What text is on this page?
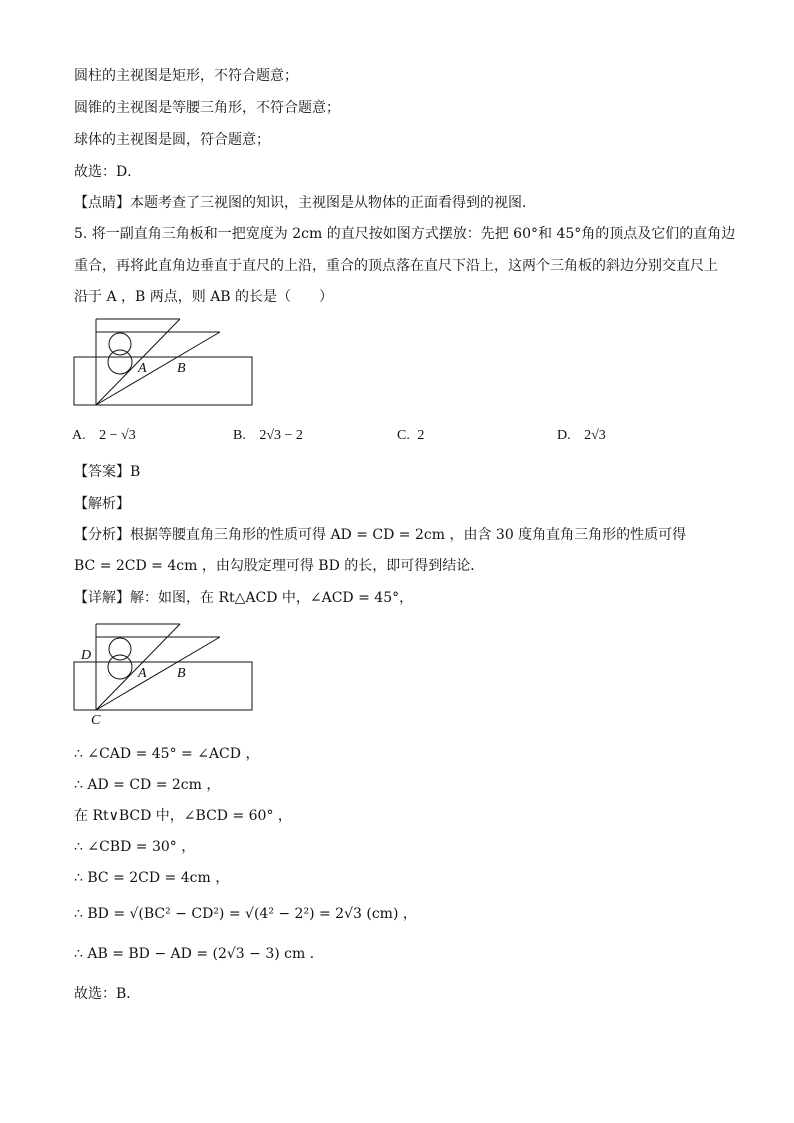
圆柱的主视图是矩形，不符合题意；
圆锥的主视图是等腰三角形，不符合题意；
球体的主视图是圆，符合题意；
故选：D．
【点睛】本题考查了三视图的知识，主视图是从物体的正面看得到的视图．
5. 将一副直角三角板和一把宽度为 2cm 的直尺按如图方式摆放：先把 60°和 45°角的顶点及它们的直角边
重合，再将此直角边垂直于直尺的上沿，重合的顶点落在直尺下沿上，这两个三角板的斜边分别交直尺上
沿于 A ，B 两点，则 AB 的长是（　　）
A B
A. 2 − √3	B. 2√3 − 2	C. 2	D. 2√3
【答案】B
【解析】
【分析】根据等腰直角三角形的性质可得 AD = CD = 2cm ，由含 30 度角直角三角形的性质可得
BC = 2CD = 4cm ，由勾股定理可得 BD 的长，即可得到结论．
【详解】解：如图，在 Rt△ACD 中，∠ACD = 45°，
D
A B
C
∴ ∠CAD = 45° = ∠ACD ，
∴ AD = CD = 2cm ，
在 Rt∨BCD 中，∠BCD = 60° ，
∴ ∠CBD = 30° ，
∴ BC = 2CD = 4cm ，
∴ BD = √(BC² − CD²) = √(4² − 2²) = 2√3 (cm) ，
∴ AB = BD − AD = (2√3 − 3) cm ．
故选：B．
